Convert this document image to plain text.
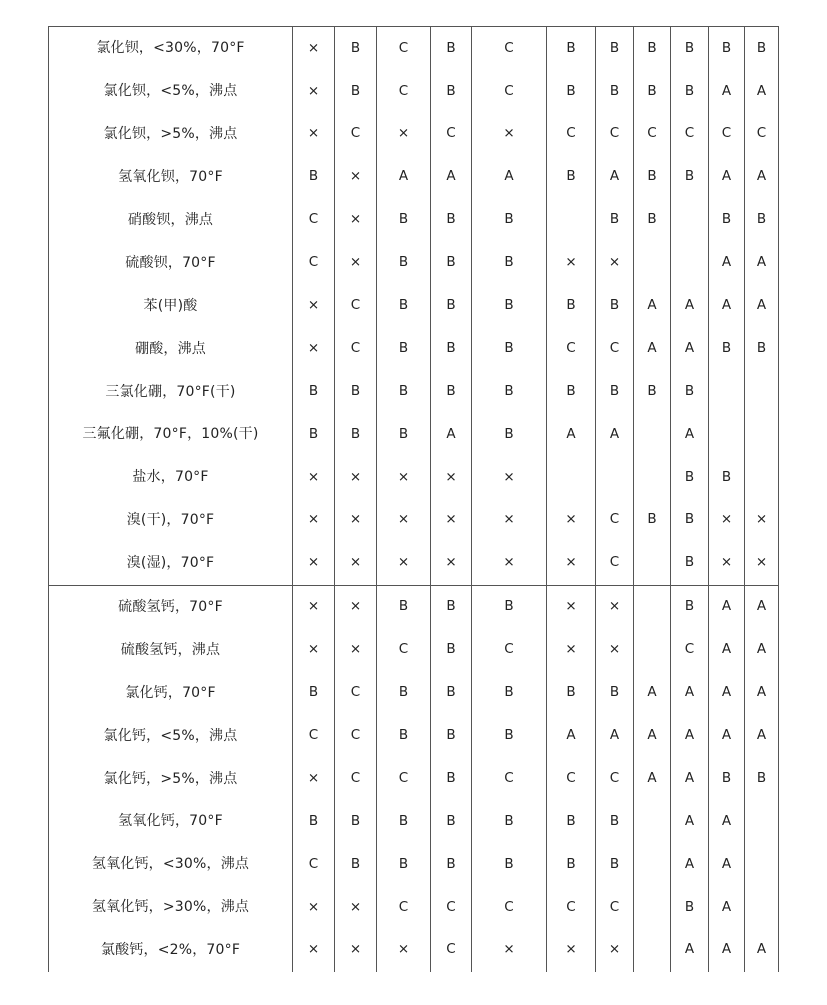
氯化钡，<30%，70°F	×	B	C	B	C	B	B	B	B	B	B
氯化钡，<5%，沸点	×	B	C	B	C	B	B	B	B	A	A
氯化钡，>5%，沸点	×	C	×	C	×	C	C	C	C	C	C
氢氧化钡，70°F	B	×	A	A	A	B	A	B	B	A	A
硝酸钡，沸点	C	×	B	B	B		B	B		B	B
硫酸钡，70°F	C	×	B	B	B	×	×			A	A
苯(甲)酸	×	C	B	B	B	B	B	A	A	A	A
硼酸，沸点	×	C	B	B	B	C	C	A	A	B	B
三氯化硼，70°F(干)	B	B	B	B	B	B	B	B	B		
三氟化硼，70°F，10%(干)	B	B	B	A	B	A	A		A		
盐水，70°F	×	×	×	×	×				B	B	
溴(干)，70°F	×	×	×	×	×	×	C	B	B	×	×
溴(湿)，70°F	×	×	×	×	×	×	C		B	×	×
硫酸氢钙，70°F	×	×	B	B	B	×	×		B	A	A
硫酸氢钙，沸点	×	×	C	B	C	×	×		C	A	A
氯化钙，70°F	B	C	B	B	B	B	B	A	A	A	A
氯化钙，<5%，沸点	C	C	B	B	B	A	A	A	A	A	A
氯化钙，>5%，沸点	×	C	C	B	C	C	C	A	A	B	B
氢氧化钙，70°F	B	B	B	B	B	B	B		A	A	
氢氧化钙，<30%，沸点	C	B	B	B	B	B	B		A	A	
氢氧化钙，>30%，沸点	×	×	C	C	C	C	C		B	A	
氯酸钙，<2%，70°F	×	×	×	C	×	×	×		A	A	A
